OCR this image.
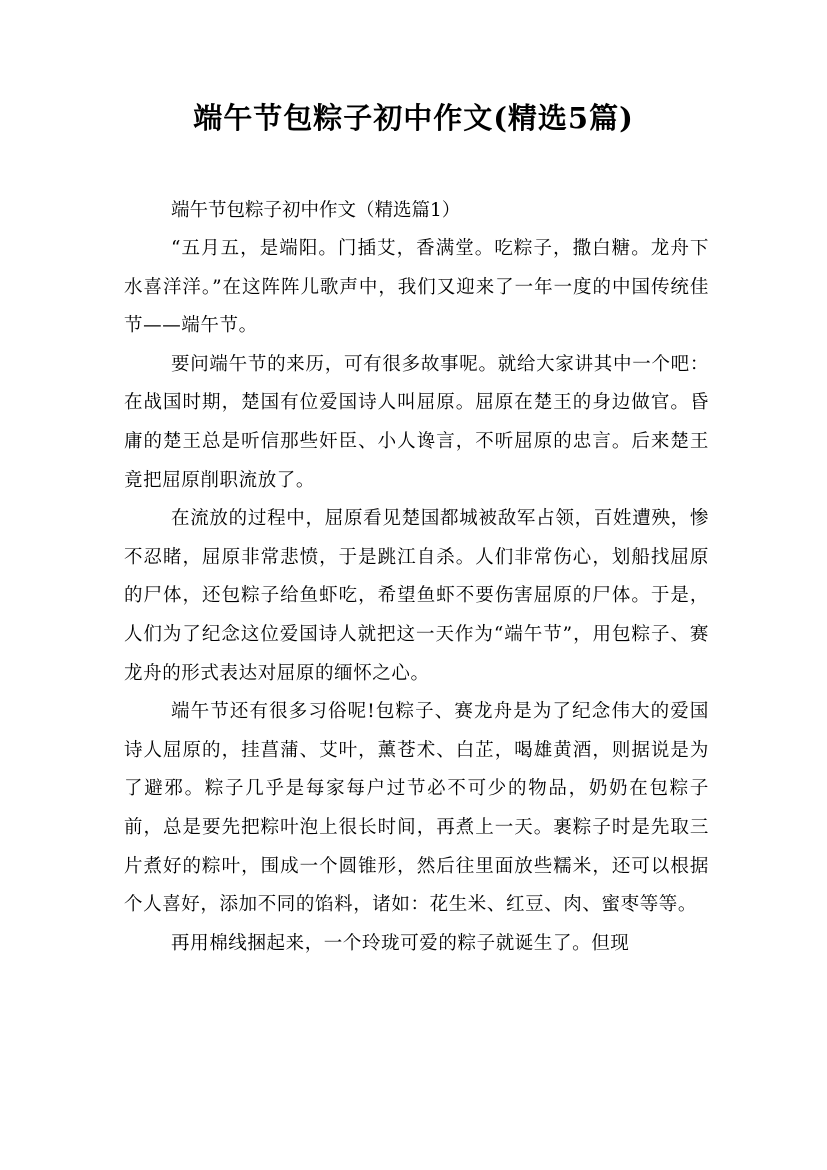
端午节包粽子初中作文(精选5篇)

端午节包粽子初中作文（精选篇1）

“五月五，是端阳。门插艾，香满堂。吃粽子，撒白糖。龙舟下水喜洋洋。”在这阵阵儿歌声中，我们又迎来了一年一度的中国传统佳节——端午节。

要问端午节的来历，可有很多故事呢。就给大家讲其中一个吧：在战国时期，楚国有位爱国诗人叫屈原。屈原在楚王的身边做官。昏庸的楚王总是听信那些奸臣、小人谗言，不听屈原的忠言。后来楚王竟把屈原削职流放了。

在流放的过程中，屈原看见楚国都城被敌军占领，百姓遭殃，惨不忍睹，屈原非常悲愤，于是跳江自杀。人们非常伤心，划船找屈原的尸体，还包粽子给鱼虾吃，希望鱼虾不要伤害屈原的尸体。于是，人们为了纪念这位爱国诗人就把这一天作为“端午节”，用包粽子、赛龙舟的形式表达对屈原的缅怀之心。

端午节还有很多习俗呢!包粽子、赛龙舟是为了纪念伟大的爱国诗人屈原的，挂菖蒲、艾叶，薰苍术、白芷，喝雄黄酒，则据说是为了避邪。粽子几乎是每家每户过节必不可少的物品，奶奶在包粽子前，总是要先把粽叶泡上很长时间，再煮上一天。裹粽子时是先取三片煮好的粽叶，围成一个圆锥形，然后往里面放些糯米，还可以根据个人喜好，添加不同的馅料，诸如：花生米、红豆、肉、蜜枣等等。

再用棉线捆起来，一个玲珑可爱的粽子就诞生了。但现
